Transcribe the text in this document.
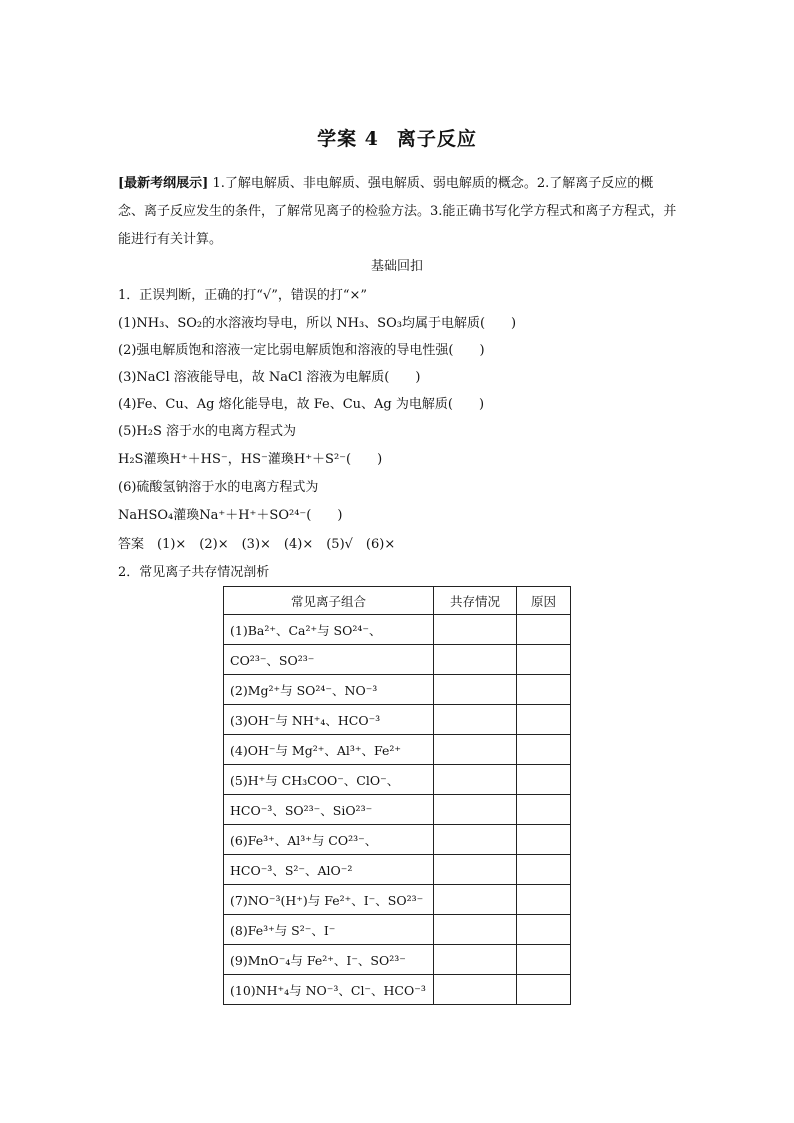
学案 4 离子反应
[最新考纲展示] 1.了解电解质、非电解质、强电解质、弱电解质的概念。2.了解离子反应的概念、离子反应发生的条件，了解常见离子的检验方法。3.能正确书写化学方程式和离子方程式，并能进行有关计算。
基础回扣
1．正误判断，正确的打“√”，错误的打“×”
(1)NH₃、SO₂的水溶液均导电，所以 NH₃、SO₃均属于电解质(　　)
(2)强电解质饱和溶液一定比弱电解质饱和溶液的导电性强(　　)
(3)NaCl 溶液能导电，故 NaCl 溶液为电解质(　　)
(4)Fe、Cu、Ag 熔化能导电，故 Fe、Cu、Ag 为电解质(　　)
(5)H₂S 溶于水的电离方程式为
H₂S灌瑍H⁺＋HS⁻，HS⁻灌瑍H⁺＋S²⁻(　　)
(6)硫酸氢钠溶于水的电离方程式为
NaHSO₄灌瑍Na⁺＋H⁺＋SO²⁴⁻(　　)
答案　(1)×　(2)×　(3)×　(4)×　(5)√　(6)×
2．常见离子共存情况剖析
常见离子组合	共存情况	原因
(1)Ba²⁺、Ca²⁺与 SO²⁴⁻、		
CO²³⁻、SO²³⁻		
(2)Mg²⁺与 SO²⁴⁻、NO⁻³		
(3)OH⁻与 NH⁺₄、HCO⁻³		
(4)OH⁻与 Mg²⁺、Al³⁺、Fe²⁺		
(5)H⁺与 CH₃COO⁻、ClO⁻、		
HCO⁻³、SO²³⁻、SiO²³⁻		
(6)Fe³⁺、Al³⁺与 CO²³⁻、		
HCO⁻³、S²⁻、AlO⁻²		
(7)NO⁻³(H⁺)与 Fe²⁺、I⁻、SO²³⁻		
(8)Fe³⁺与 S²⁻、I⁻		
(9)MnO⁻₄与 Fe²⁺、I⁻、SO²³⁻		
(10)NH⁺₄与 NO⁻³、Cl⁻、HCO⁻³		
